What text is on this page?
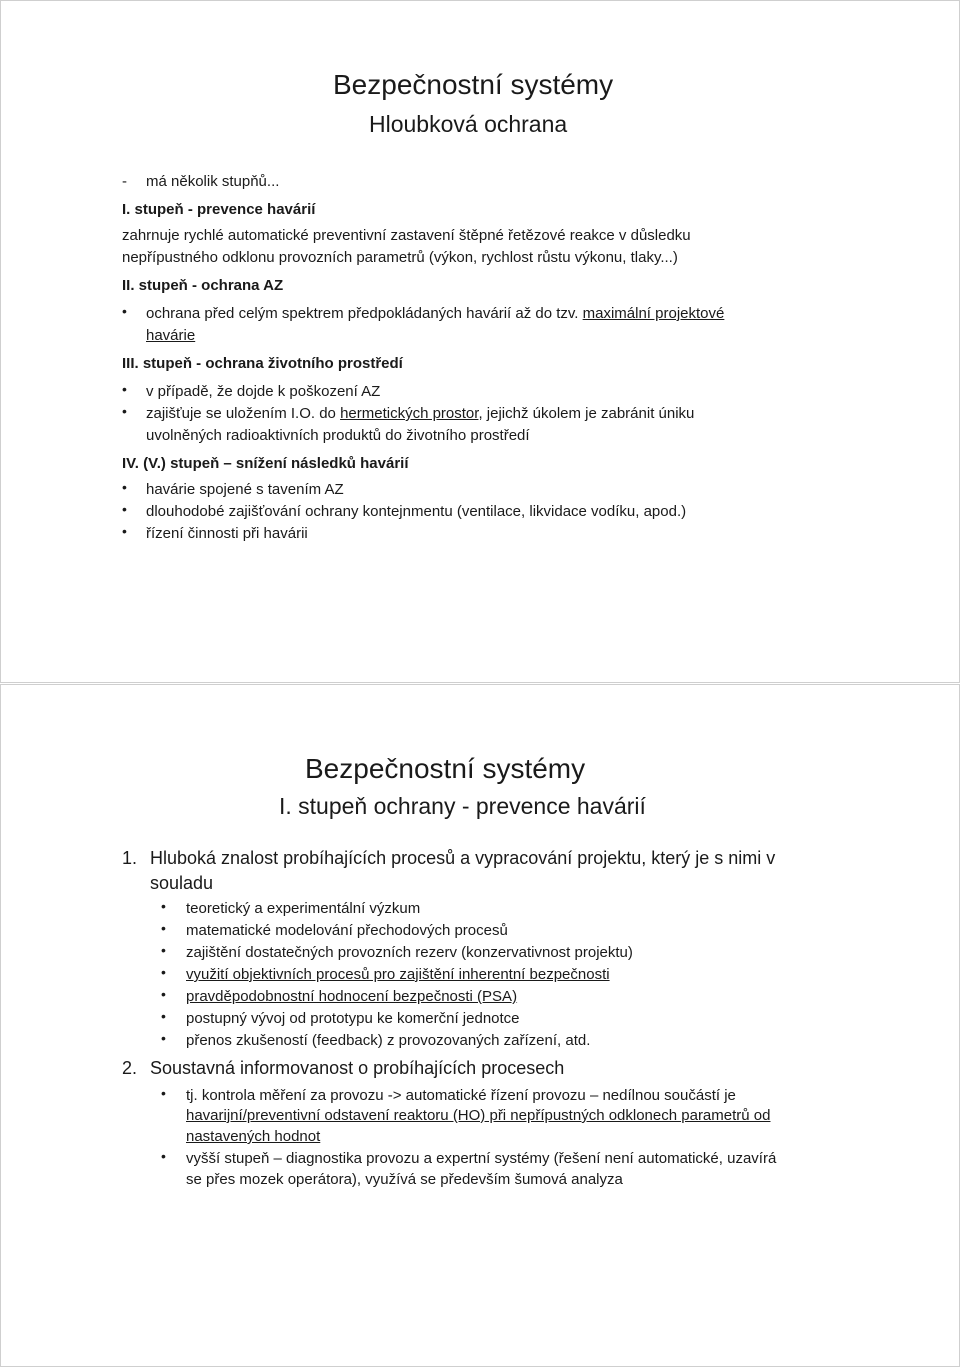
Bezpečnostní systémy
Hloubková ochrana
- má několik stupňů...
I. stupeň - prevence havárií
zahrnuje rychlé automatické preventivní zastavení štěpné řetězové reakce v důsledku
nepřípustného odklonu provozních parametrů (výkon, rychlost růstu výkonu, tlaky...)
II. stupeň - ochrana AZ
• ochrana před celým spektrem předpokládaných havárií až do tzv. maximální projektové
havárie
III. stupeň - ochrana životního prostředí
• v případě, že dojde k poškození AZ
• zajišťuje se uložením I.O. do hermetických prostor, jejichž úkolem je zabránit úniku
uvolněných radioaktivních produktů do životního prostředí
IV. (V.) stupeň – snížení následků havárií
• havárie spojené s tavením AZ
• dlouhodobé zajišťování ochrany kontejnmentu (ventilace, likvidace vodíku, apod.)
• řízení činnosti při havárii
Bezpečnostní systémy
I. stupeň ochrany - prevence havárií
1. Hluboká znalost probíhajících procesů a vypracování projektu, který je s nimi v
souladu
• teoretický a experimentální výzkum
• matematické modelování přechodových procesů
• zajištění dostatečných provozních rezerv (konzervativnost projektu)
• využití objektivních procesů pro zajištění inherentní bezpečnosti
• pravděpodobnostní hodnocení bezpečnosti (PSA)
• postupný vývoj od prototypu ke komerční jednotce
• přenos zkušeností (feedback) z provozovaných zařízení, atd.
2. Soustavná informovanost o probíhajících procesech
• tj. kontrola měření za provozu -> automatické řízení provozu – nedílnou součástí je
havarijní/preventivní odstavení reaktoru (HO) při nepřípustných odklonech parametrů od
nastavených hodnot
• vyšší stupeň – diagnostika provozu a expertní systémy (řešení není automatické, uzavírá
se přes mozek operátora), využívá se především šumová analyza
